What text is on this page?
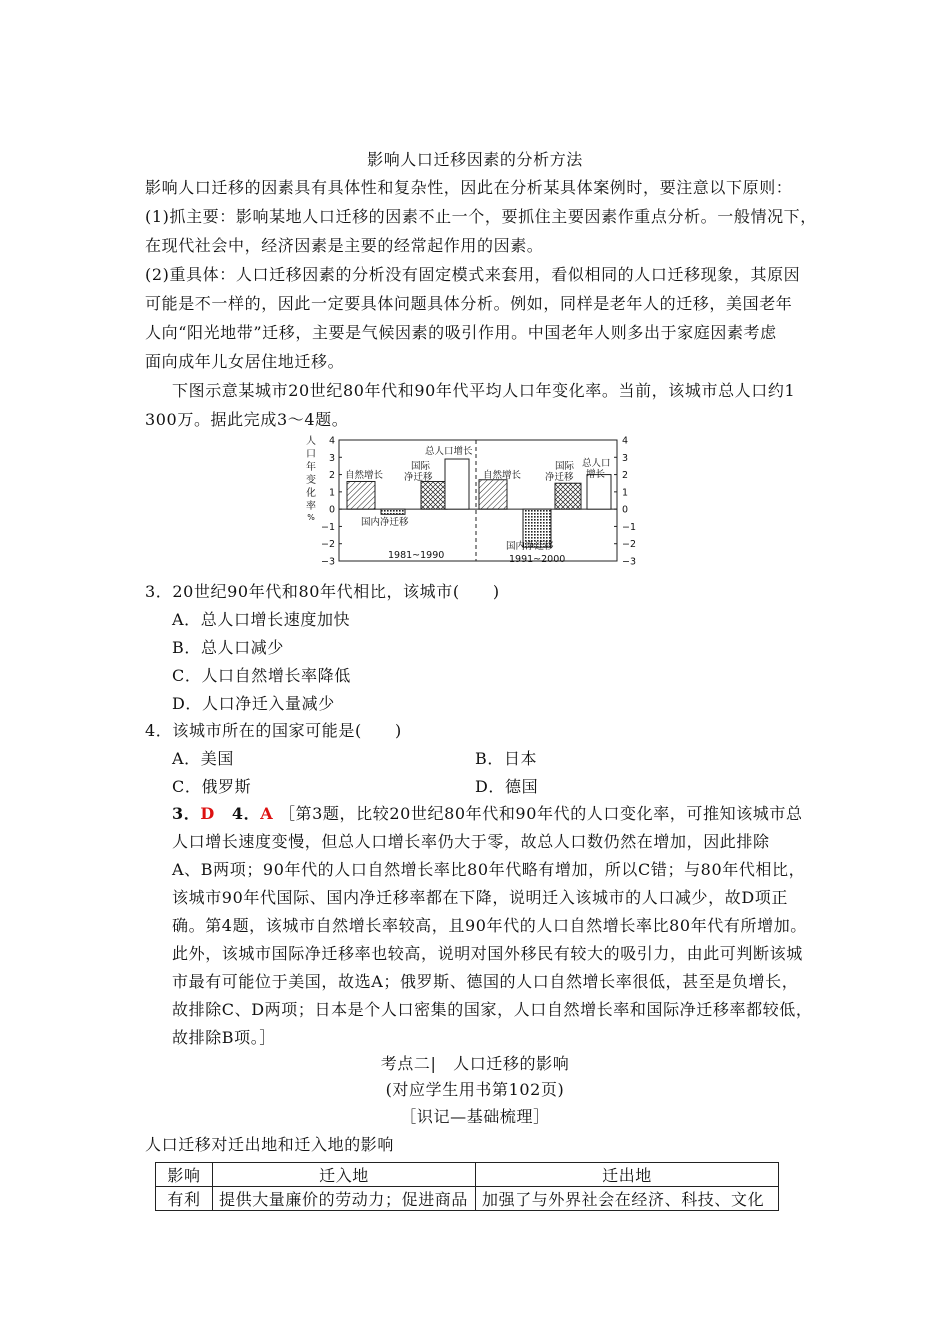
影响人口迁移因素的分析方法
影响人口迁移的因素具有具体性和复杂性，因此在分析某具体案例时，要注意以下原则：
(1)抓主要：影响某地人口迁移的因素不止一个，要抓住主要因素作重点分析。一般情况下，
在现代社会中，经济因素是主要的经常起作用的因素。
(2)重具体：人口迁移因素的分析没有固定模式来套用，看似相同的人口迁移现象，其原因
可能是不一样的，因此一定要具体问题具体分析。例如，同样是老年人的迁移，美国老年
人向“阳光地带”迁移，主要是气候因素的吸引作用。中国老年人则多出于家庭因素考虑
面向成年儿女居住地迁移。
下图示意某城市20世纪80年代和90年代平均人口年变化率。当前，该城市总人口约1
300万。据此完成3～4题。
人
口
年
变
化
率
%
4	4
3	3
2	2
1	1
0	0
−1	−1
−2	−2
−3	−3
自然增长
国内净迁移
国际
净迁移
总人口增长
自然增长
国内净迁移
国际
净迁移
总人口
增长
1981~1990	1991~2000
3．20世纪90年代和80年代相比，该城市(　　)
A．总人口增长速度加快
B．总人口减少
C．人口自然增长率降低
D．人口净迁入量减少
4．该城市所在的国家可能是(　　)
A．美国	B．日本
C．俄罗斯	D．德国
3．D 4．A ［第3题，比较20世纪80年代和90年代的人口变化率，可推知该城市总
人口增长速度变慢，但总人口增长率仍大于零，故总人口数仍然在增加，因此排除
A、B两项；90年代的人口自然增长率比80年代略有增加，所以C错；与80年代相比，
该城市90年代国际、国内净迁移率都在下降，说明迁入该城市的人口减少，故D项正
确。第4题，该城市自然增长率较高，且90年代的人口自然增长率比80年代有所增加。
此外，该城市国际净迁移率也较高，说明对国外移民有较大的吸引力，由此可判断该城
市最有可能位于美国，故选A；俄罗斯、德国的人口自然增长率很低，甚至是负增长，
故排除C、D两项；日本是个人口密集的国家，人口自然增长率和国际净迁移率都较低，
故排除B项。］
考点二|　人口迁移的影响
(对应学生用书第102页)
［识记—基础梳理］
人口迁移对迁出地和迁入地的影响
影响	迁入地	迁出地
有利	提供大量廉价的劳动力；促进商品	加强了与外界社会在经济、科技、文化
